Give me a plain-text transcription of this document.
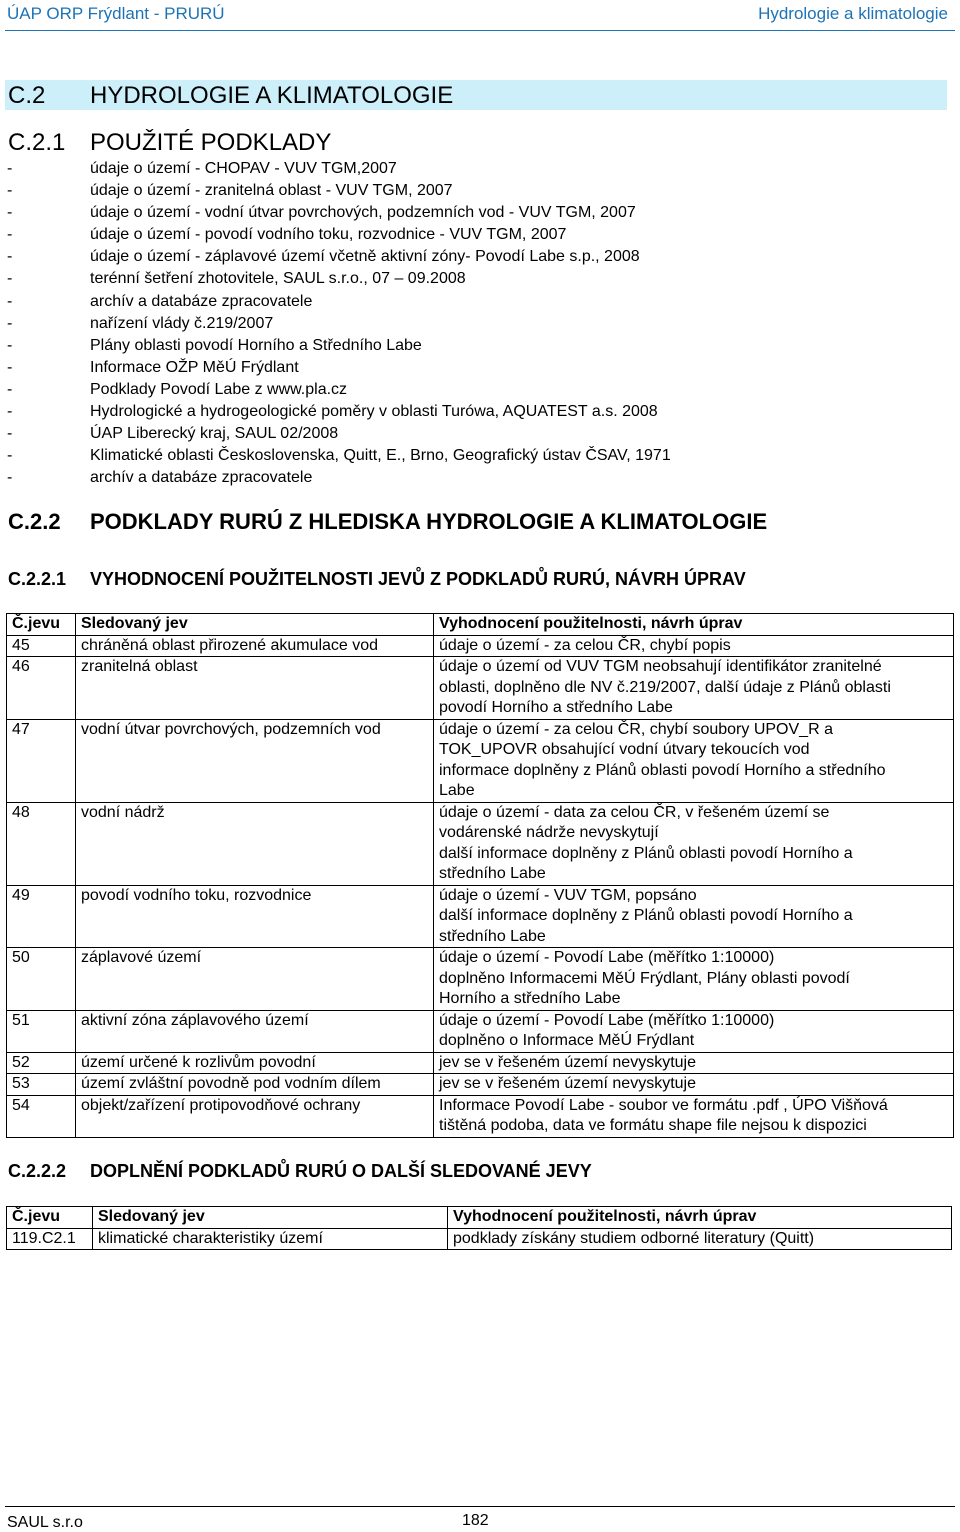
ÚAP ORP Frýdlant - PRURÚ	Hydrologie a klimatologie
C.2 HYDROLOGIE A KLIMATOLOGIE
C.2.1 POUŽITÉ PODKLADY
-	údaje o území - CHOPAV - VUV TGM,2007
-	údaje o území - zranitelná oblast - VUV TGM, 2007
-	údaje o území - vodní útvar povrchových, podzemních vod - VUV TGM, 2007
-	údaje o území - povodí vodního toku, rozvodnice - VUV TGM, 2007
-	údaje o území - záplavové území včetně aktivní zóny- Povodí Labe s.p., 2008
-	terénní šetření zhotovitele, SAUL s.r.o., 07 – 09.2008
-	archív a databáze zpracovatele
-	nařízení vlády č.219/2007
-	Plány oblasti povodí Horního a Středního Labe
-	Informace OŽP MěÚ Frýdlant
-	Podklady Povodí Labe z www.pla.cz
-	Hydrologické a hydrogeologické poměry v oblasti Turówa, AQUATEST a.s. 2008
-	ÚAP Liberecký kraj, SAUL 02/2008
-	Klimatické oblasti Československa, Quitt, E., Brno, Geografický ústav ČSAV, 1971
-	archív a databáze zpracovatele
C.2.2 PODKLADY RURÚ Z HLEDISKA HYDROLOGIE A KLIMATOLOGIE
C.2.2.1 VYHODNOCENÍ POUŽITELNOSTI JEVŮ Z PODKLADŮ RURÚ, NÁVRH ÚPRAV
Č.jevu	Sledovaný jev	Vyhodnocení použitelnosti, návrh úprav
45	chráněná oblast přirozené akumulace vod	údaje o území - za celou ČR, chybí popis

46	zranitelná oblast	údaje o území od VUV TGM neobsahují identifikátor zranitelné
oblasti, doplněno dle NV č.219/2007, další údaje z Plánů oblasti
povodí Horního a středního Labe

47	vodní útvar povrchových, podzemních vod	údaje o území - za celou ČR, chybí soubory UPOV_R a
TOK_UPOVR obsahující vodní útvary tekoucích vod
informace doplněny z Plánů oblasti povodí Horního a středního
Labe

48	vodní nádrž	údaje o území - data za celou ČR, v řešeném území se
vodárenské nádrže nevyskytují
další informace doplněny z Plánů oblasti povodí Horního a
středního Labe

49	povodí vodního toku, rozvodnice	údaje o území - VUV TGM, popsáno
další informace doplněny z Plánů oblasti povodí Horního a
středního Labe

50	záplavové území	údaje o území - Povodí Labe (měřítko 1:10000)
doplněno Informacemi MěÚ Frýdlant, Plány oblasti povodí
Horního a středního Labe

51	aktivní zóna záplavového území	údaje o území - Povodí Labe (měřítko 1:10000)
doplněno o Informace MěÚ Frýdlant

52	území určené k rozlivům povodní	jev se v řešeném území nevyskytuje

53	území zvláštní povodně pod vodním dílem	jev se v řešeném území nevyskytuje

54	objekt/zařízení protipovodňové ochrany	Informace Povodí Labe - soubor ve formátu .pdf , ÚPO Višňová
tištěná podoba, data ve formátu shape file nejsou k dispozici
C.2.2.2 DOPLNĚNÍ PODKLADŮ RURÚ O DALŠÍ SLEDOVANÉ JEVY
Č.jevu	Sledovaný jev	Vyhodnocení použitelnosti, návrh úprav
119.C2.1	klimatické charakteristiky území	podklady získány studiem odborné literatury (Quitt)
SAUL s.r.o	182
